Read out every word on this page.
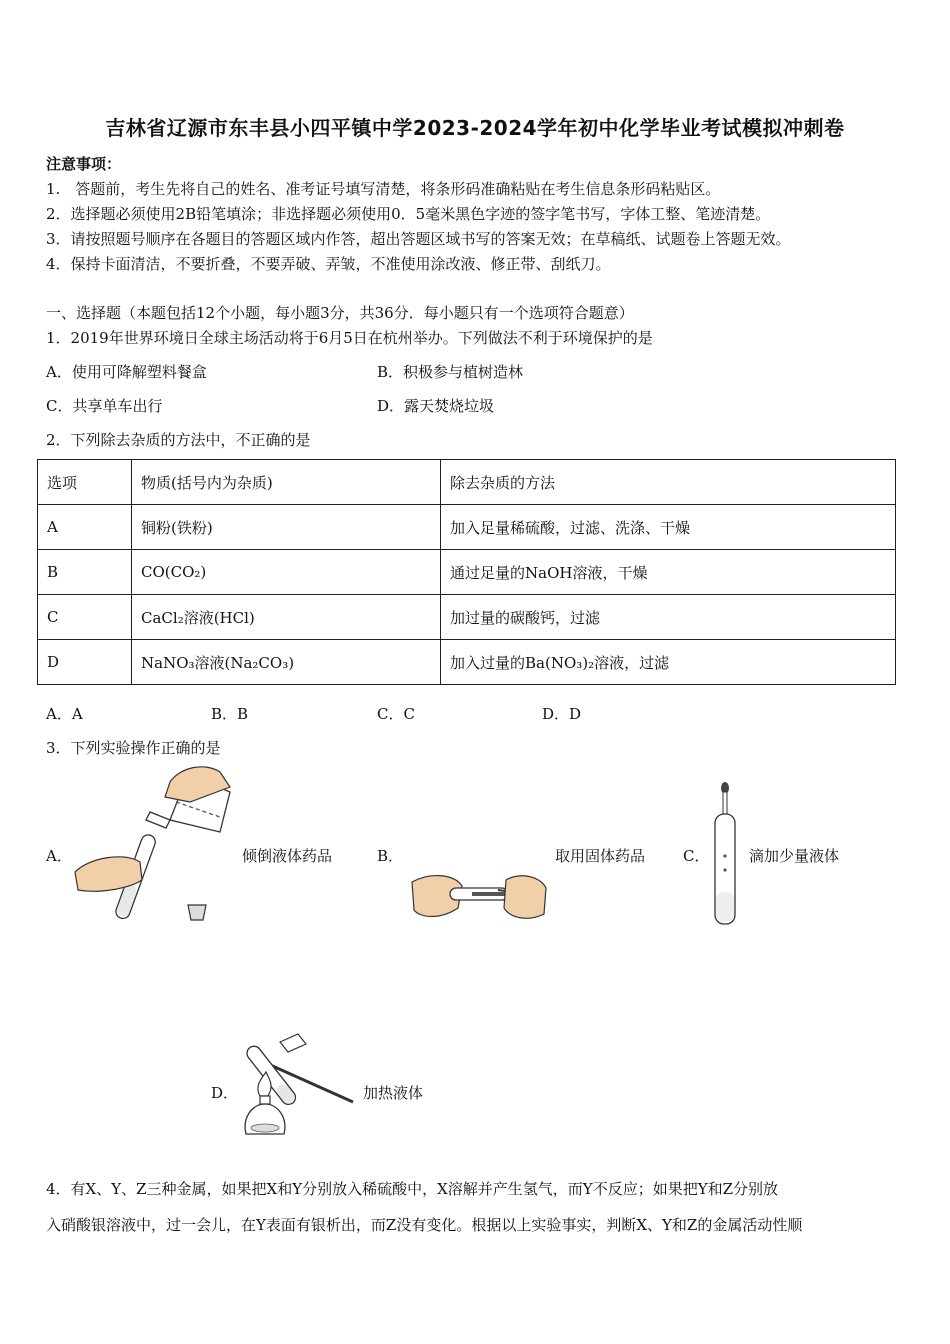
吉林省辽源市东丰县小四平镇中学2023-2024学年初中化学毕业考试模拟冲刺卷
注意事项：
1.　答题前，考生先将自己的姓名、准考证号填写清楚，将条形码准确粘贴在考生信息条形码粘贴区。
2．选择题必须使用2B铅笔填涂；非选择题必须使用0．5毫米黑色字迹的签字笔书写，字体工整、笔迹清楚。
3．请按照题号顺序在各题目的答题区域内作答，超出答题区域书写的答案无效；在草稿纸、试题卷上答题无效。
4．保持卡面清洁，不要折叠，不要弄破、弄皱，不准使用涂改液、修正带、刮纸刀。
一、选择题（本题包括12个小题，每小题3分，共36分．每小题只有一个选项符合题意）
1．2019年世界环境日全球主场活动将于6月5日在杭州举办。下列做法不利于环境保护的是
A．使用可降解塑料餐盒	B．积极参与植树造林
C．共享单车出行	D．露天焚烧垃圾
2．下列除去杂质的方法中，不正确的是
选项	物质(括号内为杂质)	除去杂质的方法
A	铜粉(铁粉)	加入足量稀硫酸，过滤、洗涤、干燥
B	CO(CO₂)	通过足量的NaOH溶液，干燥
C	CaCl₂溶液(HCl)	加过量的碳酸钙，过滤
D	NaNO₃溶液(Na₂CO₃)	加入过量的Ba(NO₃)₂溶液，过滤
A．A	B．B	C．C	D．D
3．下列实验操作正确的是
A．	倾倒液体药品	B．	取用固体药品	C．	滴加少量液体
D．	加热液体
4．有X、Y、Z三种金属，如果把X和Y分别放入稀硫酸中，X溶解并产生氢气，而Y不反应；如果把Y和Z分别放
入硝酸银溶液中，过一会儿，在Y表面有银析出，而Z没有变化。根据以上实验事实，判断X、Y和Z的金属活动性顺
